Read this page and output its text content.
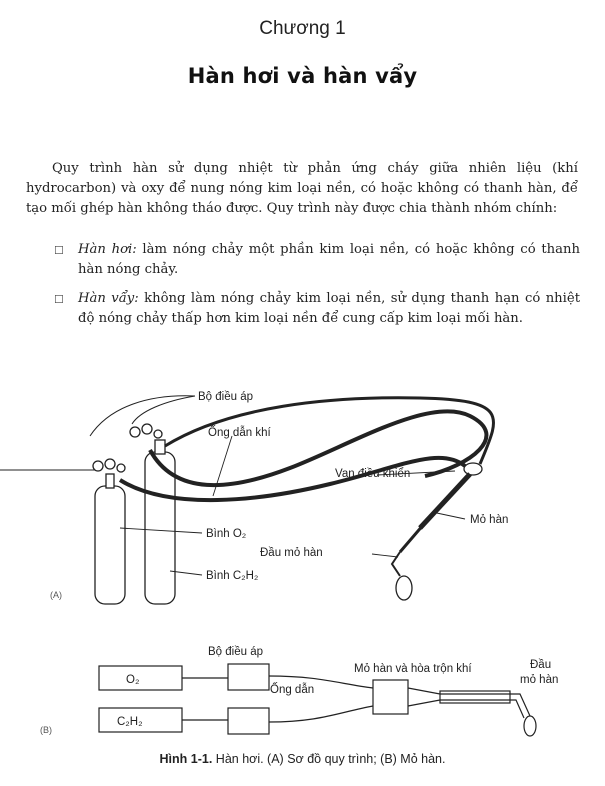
Chương 1
Hàn hơi và hàn vẩy

Quy trình hàn sử dụng nhiệt từ phản ứng cháy giữa nhiên liệu (khí hydrocarbon) và oxy để nung nóng kim loại nền, có hoặc không có thanh hàn, để tạo mối ghép hàn không tháo được. Quy trình này được chia thành nhóm chính:

☐ Hàn hơi: làm nóng chảy một phần kim loại nền, có hoặc không có thanh hàn nóng chảy.
☐ Hàn vẩy: không làm nóng chảy kim loại nền, sử dụng thanh hạn có nhiệt độ nóng chảy thấp hơn kim loại nền để cung cấp kim loại mối hàn.
Bộ điều áp
Ống dẫn khí
Van điều khiển
Mỏ hàn
Bình O₂
Đầu mỏ hàn
Bình C₂H₂
(A)
O₂
C₂H₂
Bộ điều áp
Ống dẫn
Mỏ hàn và hòa trộn khí	Đầu
mỏ hàn
(B)
Hình 1-1. Hàn hơi. (A) Sơ đồ quy trình; (B) Mỏ hàn.
